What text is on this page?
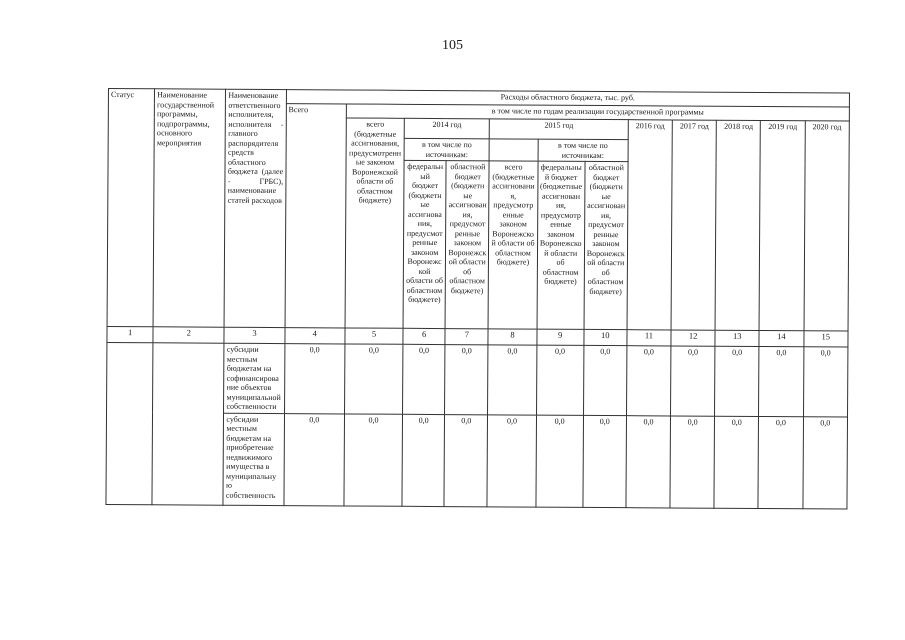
105
Статус	Наименование государственной программы, подпрограммы, основного мероприятия	Наименование ответственного исполнителя, исполнителя - главного распорядителя средств областного бюджета (далее - ГРБС), наименование статей расходов	Расходы областного бюджета, тыс. руб.											
			Всего	в том числе по годам реализации государственной программы										
				всего (бюджетные ассигнования, предусмотренные законом Воронежской области об областном бюджете)	2014 год		2015 год			2016 год	2017 год	2018 год	2019 год	2020 год
					в том числе по источникам:			в том числе по источникам:						
					федеральный бюджет (бюджетные ассигнования, предусмотренные законом Воронежской области об областном бюджете)	областной бюджет (бюджетные ассигнования, предусмотренные законом Воронежской области об областном бюджете)	всего (бюджетные ассигнования, предусмотренные законом Воронежской области об областном бюджете)	федеральный бюджет (бюджетные ассигнования, предусмотренные законом Воронежской области об областном бюджете)	областной бюджет (бюджетные ассигнования, предусмотренные законом Воронежской области об областном бюджете)					
1	2	3	4	5	6	7	8	9	10	11	12	13	14	15
		субсидии местным бюджетам на софинансирование объектов муниципальной собственности	0,0	0,0	0,0	0,0	0,0	0,0	0,0	0,0	0,0	0,0	0,0	0,0
		субсидии местным бюджетам на приобретение недвижимого имущества в муниципальную собственность	0,0	0,0	0,0	0,0	0,0	0,0	0,0	0,0	0,0	0,0	0,0	0,0
